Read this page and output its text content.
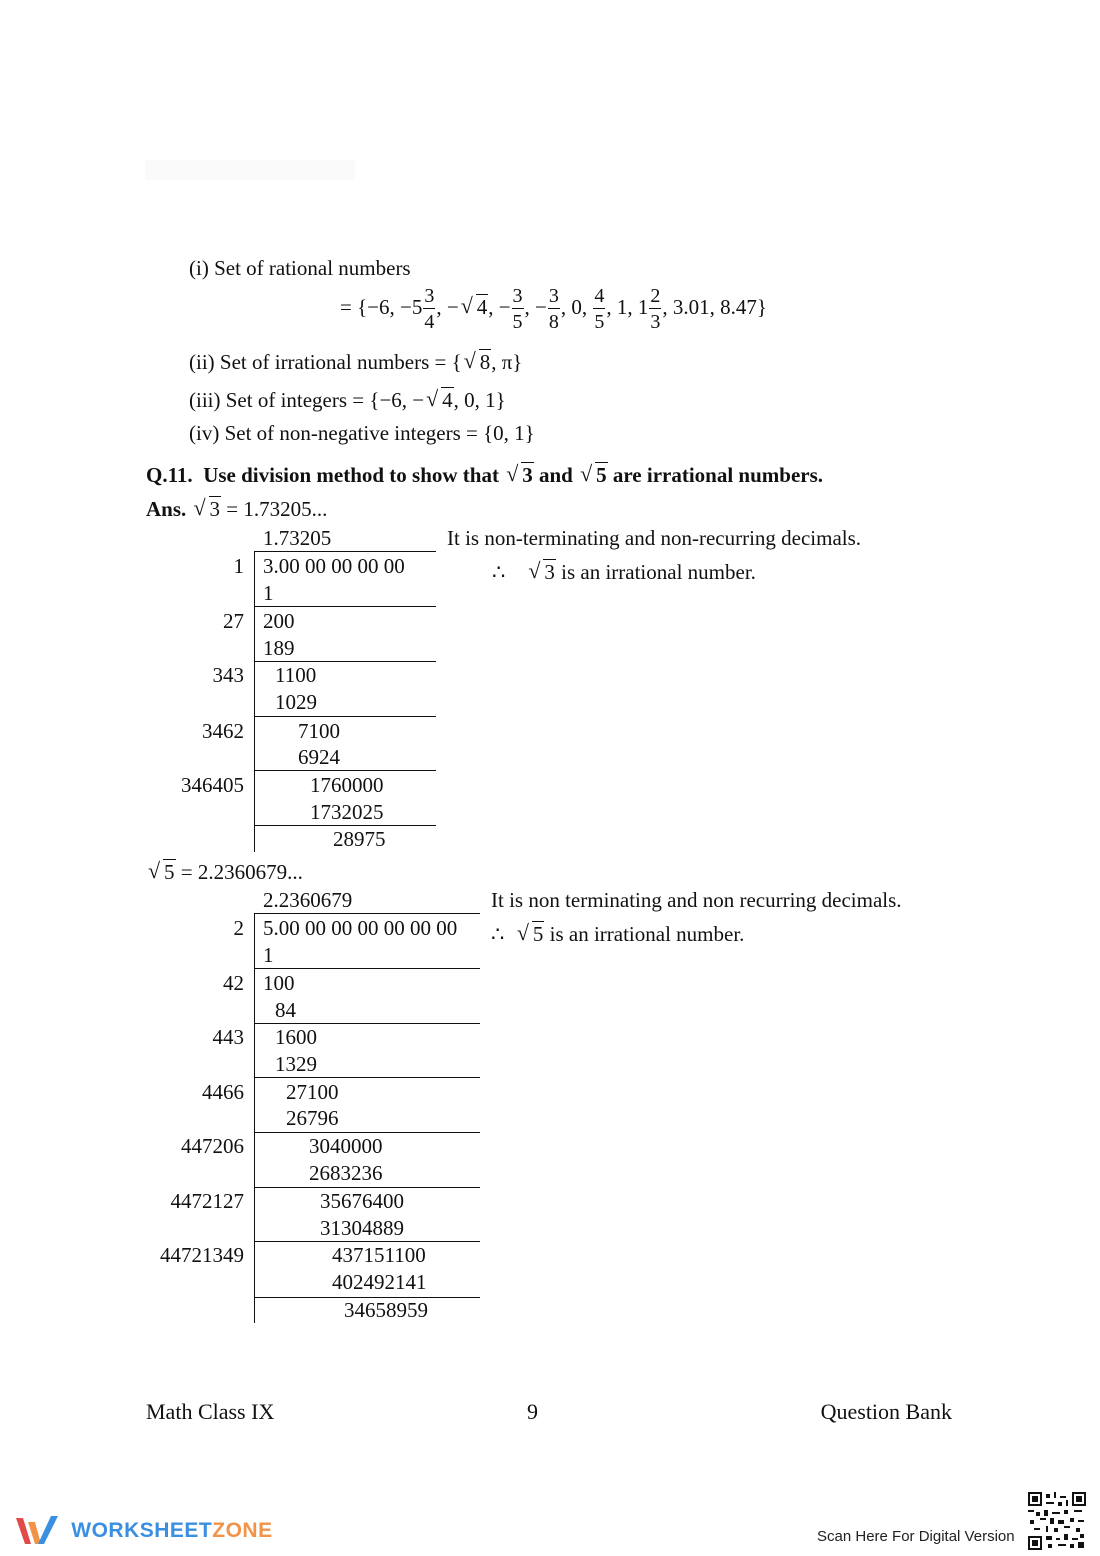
(i) Set of rational numbers
= {−6, $-5 \frac{3}{4}$ , − √ 4, − $\frac{3}{5}$ , − $\frac{3}{8}$ , 0, $\frac{4}{5}$ , 1, $1 \frac{2}{3}$ , 3.01, 8.47}
(ii) Set of irrational numbers = { √ 8, π}
(iii) Set of integers = {−6, − √ 4, 0, 1}
(iv) Set of non-negative integers = {0, 1}
Q.11. Use division method to show that √ 3 and √ 5 are irrational numbers.
Ans. √ 3 = 1.73205...
1.73205
1 3.00 00 00 00 00
1
27 200
189
343 1100
1029
3462	7100
6924
346405	1760000
1732025
28975
It is non-terminating and non-recurring decimals.
∴ √ 3 is an irrational number.
√ 5 = 2.2360679...
2.2360679
2 5.00 00 00 00 00 00 00
1
42 100
84
443 1600
1329
4466 27100
26796
447206	3040000
2683236
4472127	35676400
31304889
44721349	437151100
402492141
34658959
It is non terminating and non recurring decimals.
∴ √ 5 is an irrational number.
Math Class IX	9	Question Bank
WORKSHEETZONE	Scan Here For Digital Version
